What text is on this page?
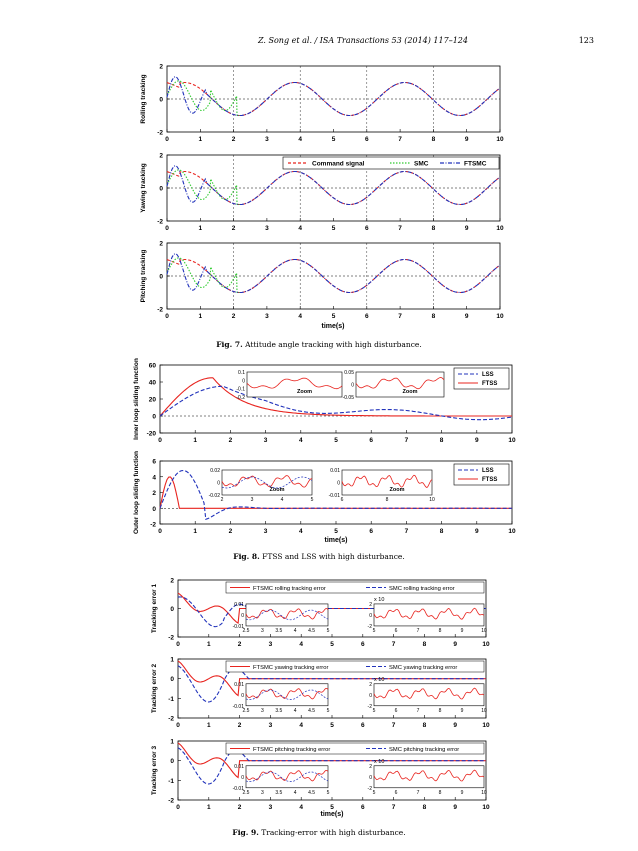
Z. Song et al. / ISA Transactions 53 (2014) 117–124	123
0	1	2	3	4	5	6	7	8	9	10
2
0
-2
Rolling tracking
0	1	2	3	4	5	6	7	8	9	10
2
0
-2
Yawing tracking
0	1	2	3	4	5	6	7	8	9	10
2
0
-2
Pitching tracking
time(s)
Command signal	SMC	FTSMC
0	1	2	3	4	5	6	7	8	9	10
60
40
20
0
-20
Inner loop sliding function
0	1	2	3	4	5	6	7	8	9	10
6
4
2
0
-2
Outer loop sliding function
time(s)
LSS
FTSS
LSS
FTSS
0.1
0
-0.1
-0.2
Zoom
0.05
0
-0.05
Zoom
0.02
0
-0.02
2	3	4	5
Zoom
0.01
0
-0.01
6	8	10
Zoom
0	1	2	3	4	5	6	7	8	9	10
2
0
-2
Tracking error 1	FTSMC rolling tracking error	SMC rolling tracking error
0.01
0
-0.01
2.5 3 3.5 4 4.5 5
2
0
-2
5	6	7	8	9	10
x 10
0	1	2	3	4	5	6	7	8	9	10
1
0
-1
-2
Tracking error 2	FTSMC yawing tracking error	SMC yawing tracking error
0.01
0
-0.01
2.5 3 3.5 4 4.5 5
2
0
-2
5	6	7	8	9	10
x 10
0	1	2	3	4	5	6	7	8	9	10
1
0
-1
-2
Tracking error 3	FTSMC pitching tracking error	SMC pitching tracking error
0.01
0
-0.01
2.5 3 3.5 4 4.5 5
2
0
-2
5	6	7	8	9	10
x 10
time(s)
Fig. 7. Attitude angle tracking with high disturbance.
Fig. 8. FTSS and LSS with high disturbance.
Fig. 9. Tracking-error with high disturbance.
